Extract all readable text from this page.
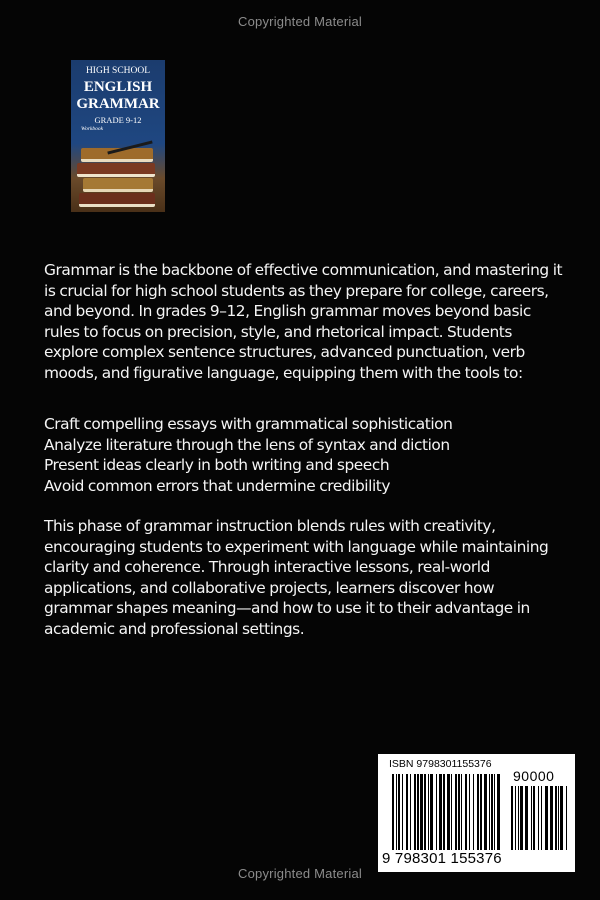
Copyrighted Material
HIGH SCHOOL
ENGLISH
GRAMMAR
GRADE 9-12
Workbook
Grammar is the backbone of effective communication, and mastering it is crucial for high school students as they prepare for college, careers, and beyond. In grades 9–12, English grammar moves beyond basic rules to focus on precision, style, and rhetorical impact. Students explore complex sentence structures, advanced punctuation, verb moods, and figurative language, equipping them with the tools to:
Craft compelling essays with grammatical sophistication
Analyze literature through the lens of syntax and diction
Present ideas clearly in both writing and speech
Avoid common errors that undermine credibility
This phase of grammar instruction blends rules with creativity, encouraging students to experiment with language while maintaining clarity and coherence. Through interactive lessons, real-world applications, and collaborative projects, learners discover how grammar shapes meaning—and how to use it to their advantage in academic and professional settings.
ISBN 9798301155376
90000
9 798301 155376
Copyrighted Material
